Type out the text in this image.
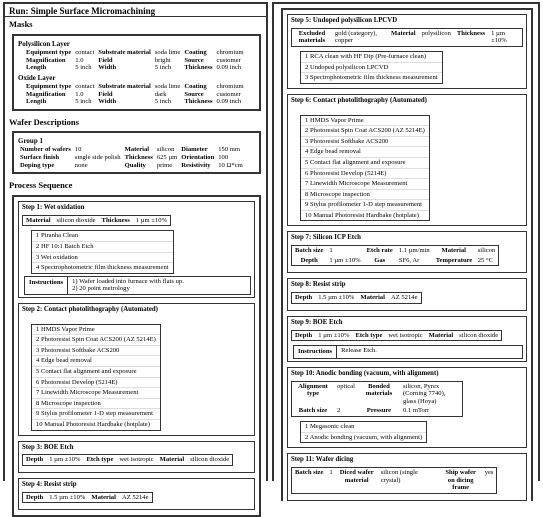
Run: Simple Surface Micromachining
Masks
Polysilicon Layer
Equipment type	contact	Substrate material	soda lime	Coating	chromium
Magnification	1.0	Field	bright	Source	customer
Length	5 inch	Width	5 inch	Thickness	0.09 inch
Oxide Layer
Equipment type	contact	Substrate material	soda lime	Coating	chromium
Magnification	1.0	Field	dark	Source	customer
Length	5 inch	Width	5 inch	Thickness	0.09 inch
Wafer Descriptions
Group 1
Number of wafers	10	Material	silicon	Diameter	150 mm
Surface finish	single side polish	Thickness	625 µm	Orientation	100
Doping type	none	Quality	prime	Resistivity	10 Ω*cm
Process Sequence
Step 1: Wet oxidation
Material	silicon dioxide	Thickness	1 µm ±10%

1 Piranha Clean
2 HF 10:1 Batch Etch
3 Wet oxidation
4 Spectrophotometric film thickness measurement
Instructions	1) Wafer loaded into furnace with flats up.
2) 20 point metrology
Step 2: Contact photolithography (Automated)

1 HMDS Vapor Prime
2 Photoresist Spin Coat ACS200 (AZ 5214E)
3 Photoresist Softbake ACS200
4 Edge bead removal
5 Contact flat alignment and exposure
6 Photoresist Develop (5214E)
7 Linewidth Microscope Measurement
8 Microscope inspection
9 Stylus profilometer 1-D step measurement
10 Manual Photoresist Hardbake (hotplate)
Step 3: BOE Etch
Depth	1 µm ±10%	Etch type	wet isotropic	Material	silicon dioxide
Step 4: Resist strip
Depth	1.5 µm ±10%	Material	AZ 5214e
Step 5: Undoped polysilicon LPCVD
Excluded materials	gold (category), copper	Material	polysilicon	Thickness	1 µm ±10%

1 RCA clean with HF Dip (Pre-furnace clean)
2 Undoped polysilicon LPCVD
3 Spectrophotometric film thickness measurement
Step 6: Contact photolithography (Automated)

1 HMDS Vapor Prime
2 Photoresist Spin Coat ACS200 (AZ 5214E)
3 Photoresist Softbake ACS200
4 Edge bead removal
5 Contact flat alignment and exposure
6 Photoresist Develop (5214E)
7 Linewidth Microscope Measurement
8 Microscope inspection
9 Stylus profilometer 1-D step measurement
10 Manual Photoresist Hardbake (hotplate)
Step 7: Silicon ICP Etch
Batch size	1	Etch rate	1.1 µm/min	Material	silicon
Depth	1 µm ±10%	Gas	SF6, Ar	Temperature	25 °C
Step 8: Resist strip
Depth	1.5 µm ±10%	Material	AZ 5214e
Step 9: BOE Etch
Depth	1 µm ±10%	Etch type	wet isotropic	Material	silicon dioxide
Instructions	Release Etch.
Step 10: Anodic bonding (vacuum, with alignment)
Alignment type	optical	Bonded materials	silicon, Pyrex (Corning 7740), glass (Hoya)
Batch size	2	Pressure	0.1 mTorr

1 Megasonic clean
2 Anodic bonding (vacuum, with alignment)
Step 11: Wafer dicing
Batch size	1	Diced wafer material	silicon (single crystal)	Ship wafer on dicing frame	yes
